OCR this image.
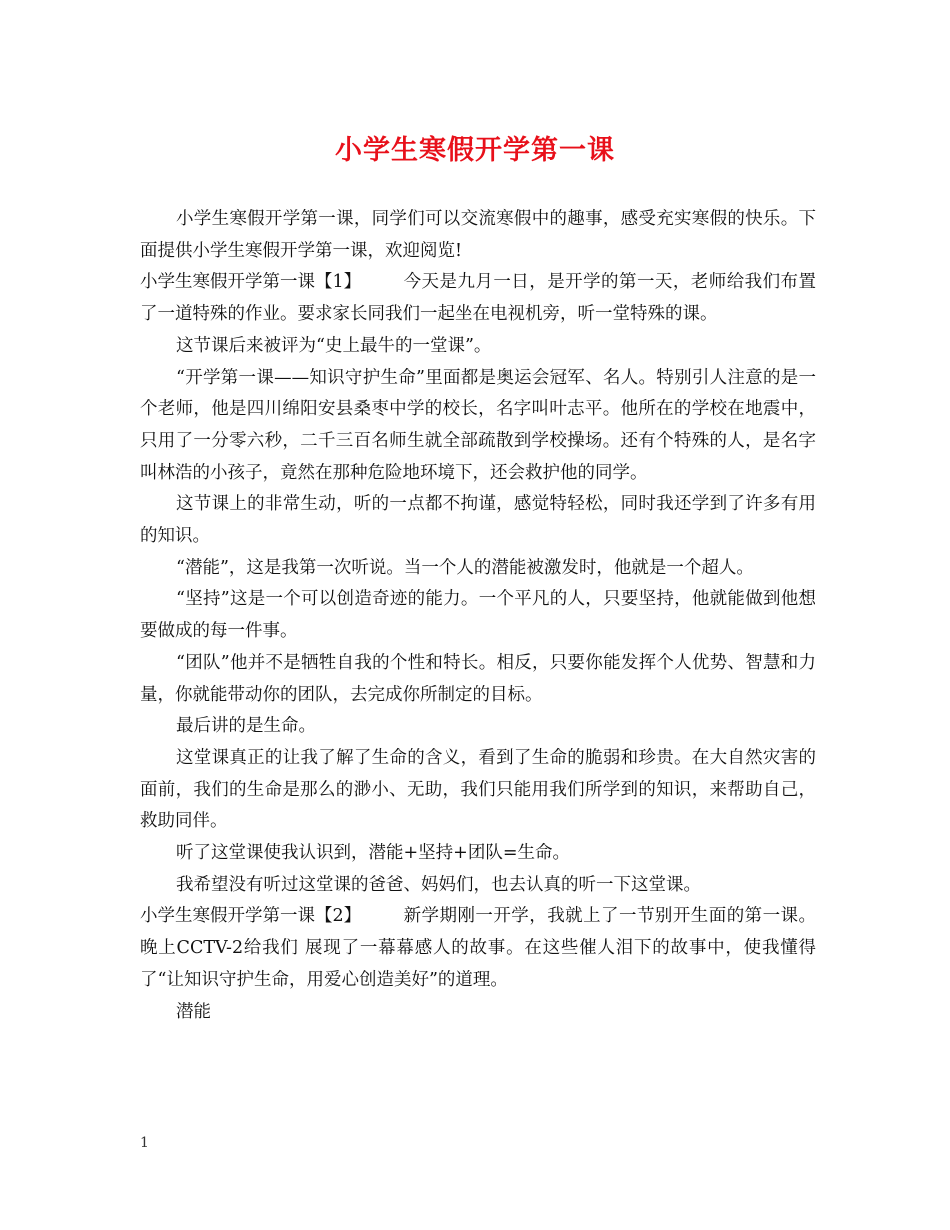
小学生寒假开学第一课

小学生寒假开学第一课，同学们可以交流寒假中的趣事，感受充实寒假的快乐。下面提供小学生寒假开学第一课，欢迎阅览!

小学生寒假开学第一课【1】 今天是九月一日，是开学的第一天，老师给我们布置了一道特殊的作业。要求家长同我们一起坐在电视机旁，听一堂特殊的课。

这节课后来被评为“史上最牛的一堂课”。

“开学第一课——知识守护生命”里面都是奥运会冠军、名人。特别引人注意的是一个老师，他是四川绵阳安县桑枣中学的校长，名字叫叶志平。他所在的学校在地震中，只用了一分零六秒，二千三百名师生就全部疏散到学校操场。还有个特殊的人，是名字叫林浩的小孩子，竟然在那种危险地环境下，还会救护他的同学。

这节课上的非常生动，听的一点都不拘谨，感觉特轻松，同时我还学到了许多有用的知识。

“潜能”，这是我第一次听说。当一个人的潜能被激发时，他就是一个超人。

“坚持”这是一个可以创造奇迹的能力。一个平凡的人，只要坚持，他就能做到他想要做成的每一件事。

“团队”他并不是牺牲自我的个性和特长。相反，只要你能发挥个人优势、智慧和力量，你就能带动你的团队，去完成你所制定的目标。

最后讲的是生命。

这堂课真正的让我了解了生命的含义，看到了生命的脆弱和珍贵。在大自然灾害的面前，我们的生命是那么的渺小、无助，我们只能用我们所学到的知识，来帮助自己，救助同伴。

听了这堂课使我认识到，潜能+坚持+团队=生命。

我希望没有听过这堂课的爸爸、妈妈们，也去认真的听一下这堂课。

小学生寒假开学第一课【2】 新学期刚一开学，我就上了一节别开生面的第一课。晚上CCTV-2给我们 展现了一幕幕感人的故事。在这些催人泪下的故事中，使我懂得了“让知识守护生命，用爱心创造美好”的道理。

潜能

1
